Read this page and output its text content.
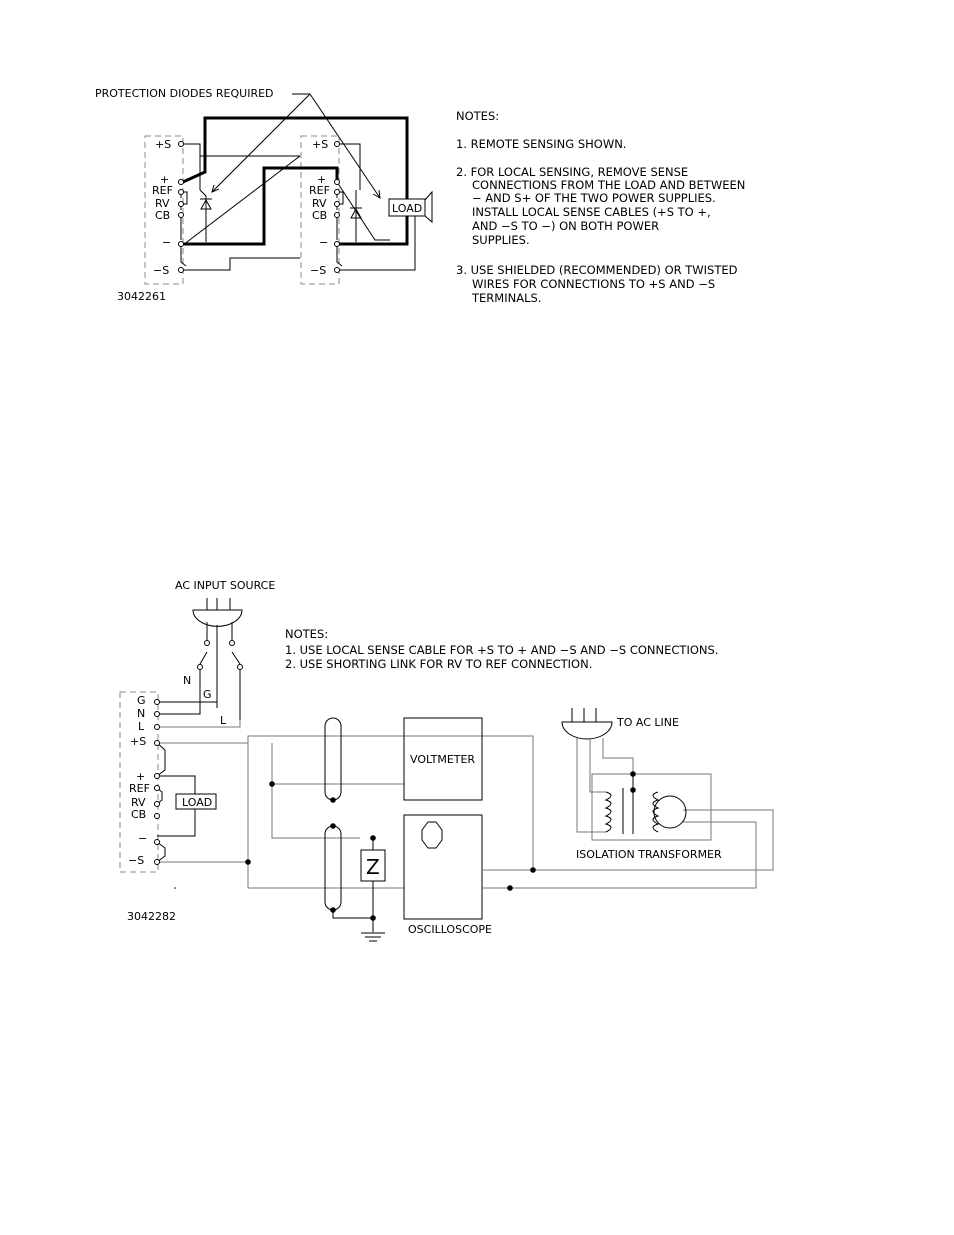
PROTECTION DIODES REQUIRED
+S
+
REF
RV
CB
−
−S
+S
+
REF
RV
CB
−
−S
LOAD
3042261
NOTES:
1. REMOTE SENSING SHOWN.
2. FOR LOCAL SENSING, REMOVE SENSE
CONNECTIONS FROM THE LOAD AND BETWEEN
− AND S+ OF THE TWO POWER SUPPLIES.
INSTALL LOCAL SENSE CABLES (+S TO +,
AND −S TO −) ON BOTH POWER
SUPPLIES.
3. USE SHIELDED (RECOMMENDED) OR TWISTED
WIRES FOR CONNECTIONS TO +S AND −S
TERMINALS.
AC INPUT SOURCE
N
G
L
G
N
L
+S
+
REF
RV
CB
−
−S
LOAD
Z
VOLTMETER
OSCILLOSCOPE
TO AC LINE
ISOLATION TRANSFORMER
3042282
NOTES:
1. USE LOCAL SENSE CABLE FOR +S TO + AND −S AND −S CONNECTIONS.
2. USE SHORTING LINK FOR RV TO REF CONNECTION.
